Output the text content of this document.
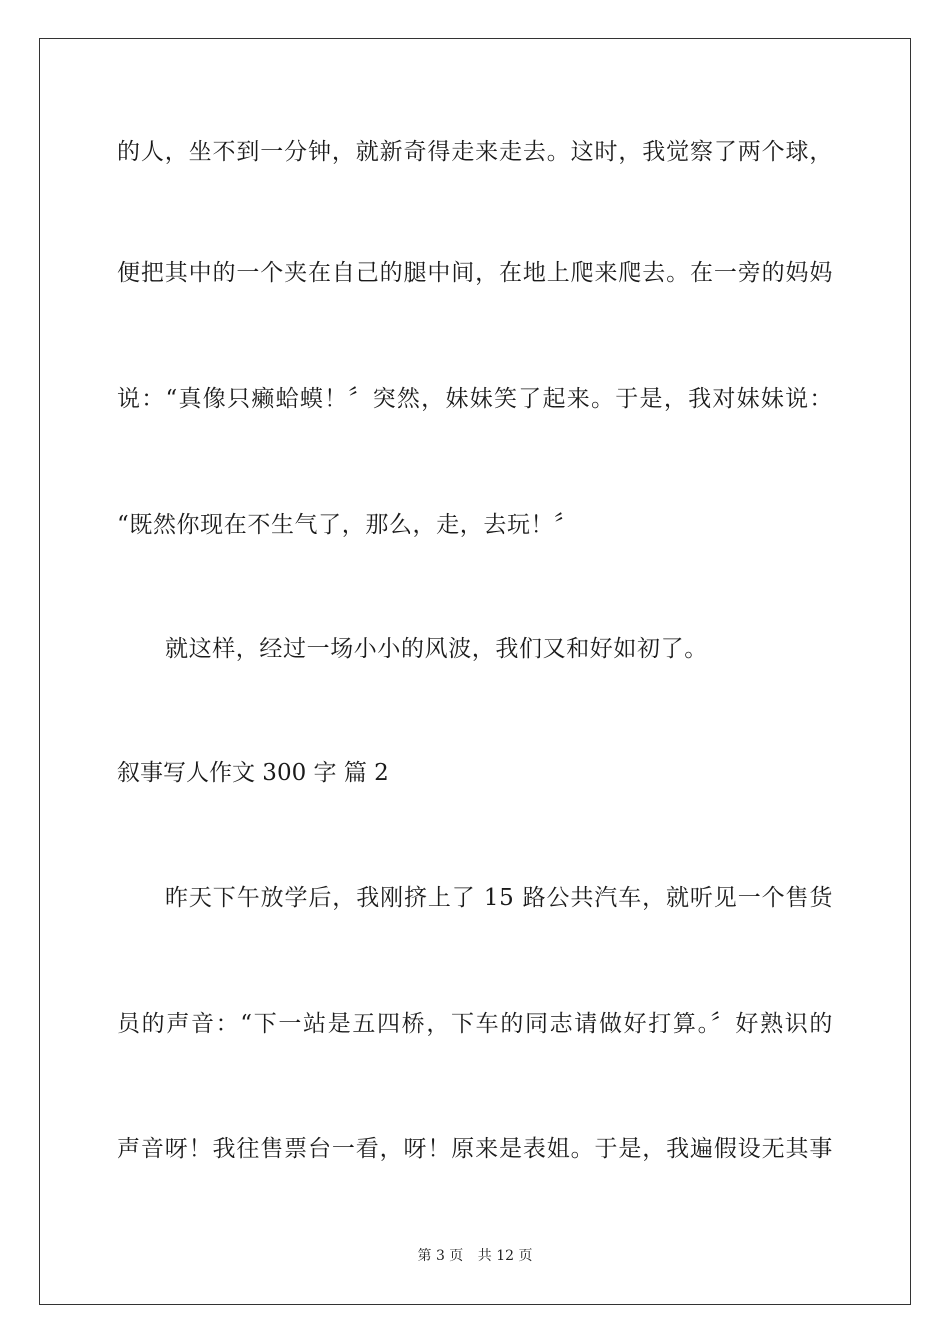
的人，坐不到一分钟，就新奇得走来走去。这时，我觉察了两个球，
便把其中的一个夹在自己的腿中间，在地上爬来爬去。在一旁的妈妈
说：“真像只癞蛤蟆！〞突然，妹妹笑了起来。于是，我对妹妹说：
“既然你现在不生气了，那么，走，去玩！〞
就这样，经过一场小小的风波，我们又和好如初了。
叙事写人作文 300 字 篇 2
昨天下午放学后，我刚挤上了 15 路公共汽车，就听见一个售货
员的声音：“下一站是五四桥，下车的同志请做好打算。〞好熟识的
声音呀！我往售票台一看，呀！原来是表姐。于是，我遍假设无其事
第 3 页 共 12 页
